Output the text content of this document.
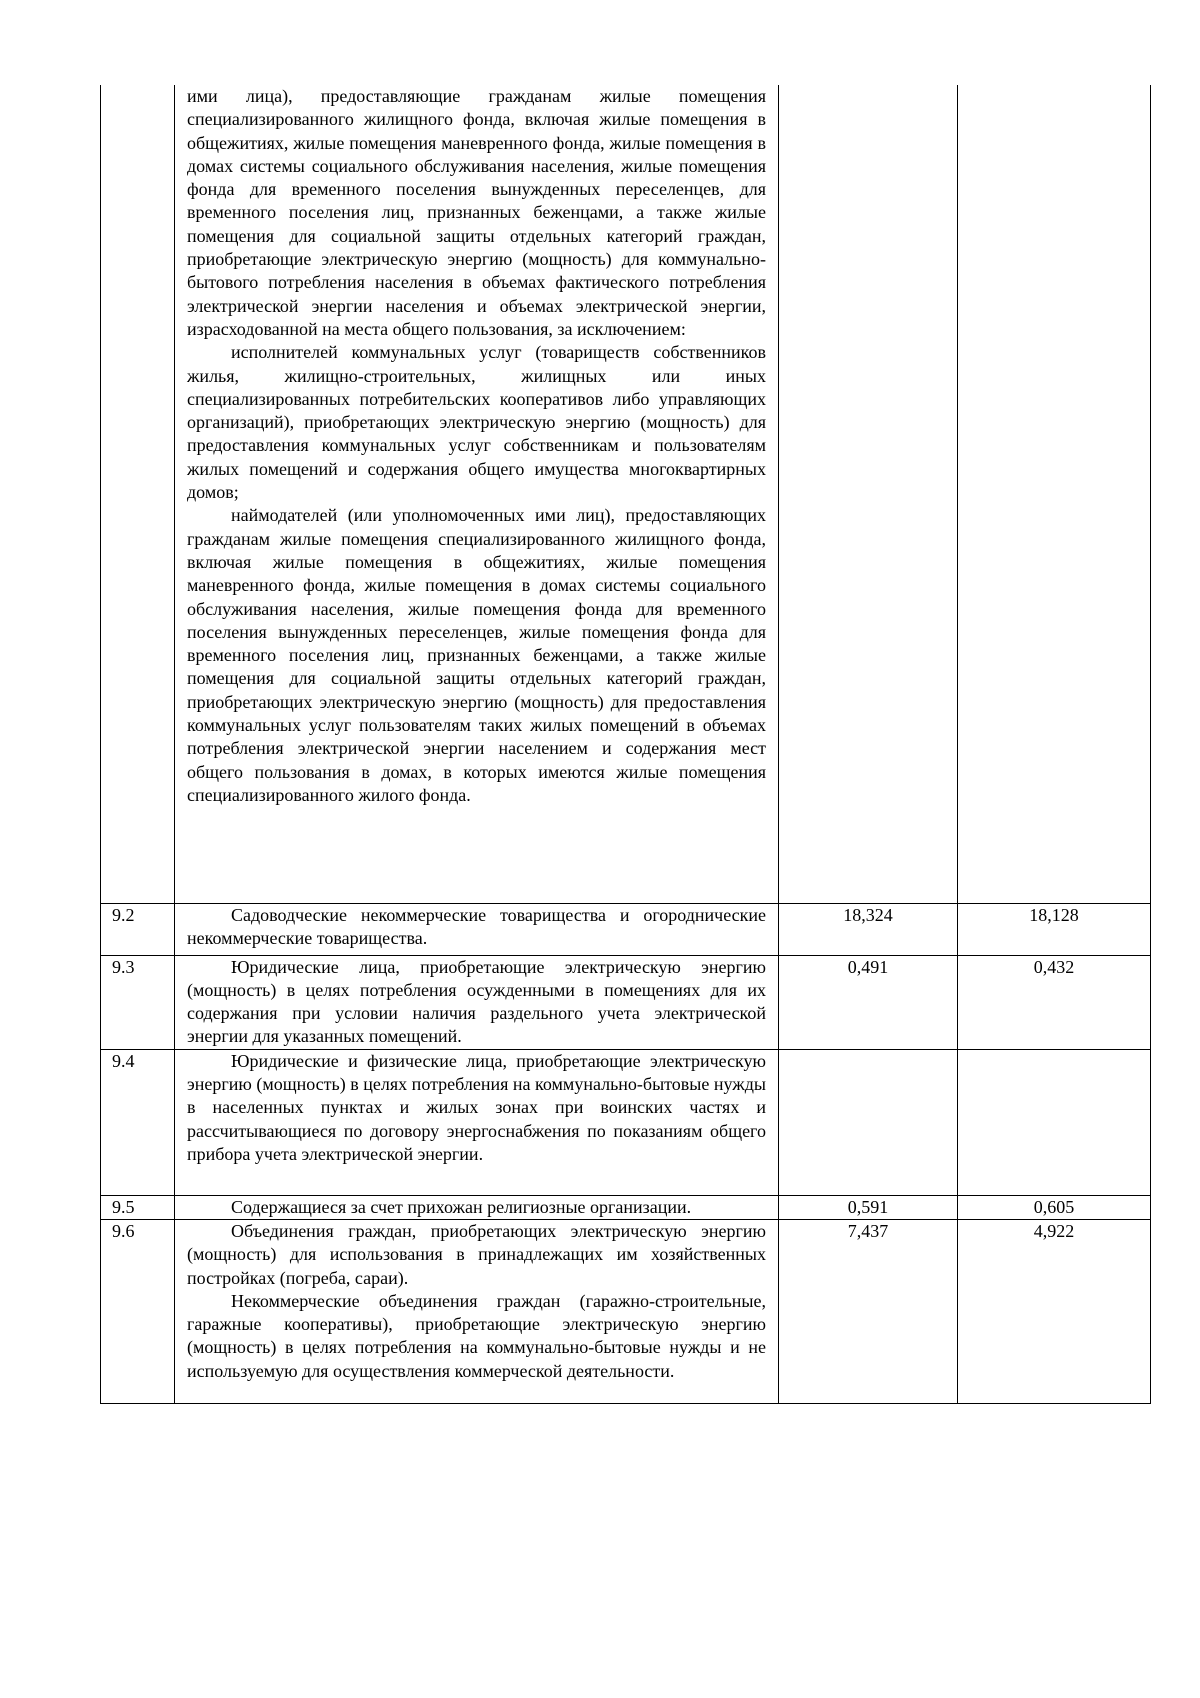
	ими лица), предоставляющие гражданам жилые помещения специализированного жилищного фонда, включая жилые помещения в общежитиях, жилые помещения маневренного фонда, жилые помещения в домах системы социального обслуживания населения, жилые помещения фонда для временного поселения вынужденных переселенцев, для временного поселения лиц, признанных беженцами, а также жилые помещения для социальной защиты отдельных категорий граждан, приобретающие электрическую энергию (мощность) для коммунально-бытового потребления населения в объемах фактического потребления электрической энергии населения и объемах электрической энергии, израсходованной на места общего пользования, за исключением:

исполнителей коммунальных услуг (товариществ собственников жилья, жилищно-строительных, жилищных или иных специализированных потребительских кооперативов либо управляющих организаций), приобретающих электрическую энергию (мощность) для предоставления коммунальных услуг собственникам и пользователям жилых помещений и содержания общего имущества многоквартирных домов;

наймодателей (или уполномоченных ими лиц), предоставляющих гражданам жилые помещения специализированного жилищного фонда, включая жилые помещения в общежитиях, жилые помещения маневренного фонда, жилые помещения в домах системы социального обслуживания населения, жилые помещения фонда для временного поселения вынужденных переселенцев, жилые помещения фонда для временного поселения лиц, признанных беженцами, а также жилые помещения для социальной защиты отдельных категорий граждан, приобретающих электрическую энергию (мощность) для предоставления коммунальных услуг пользователям таких жилых помещений в объемах потребления электрической энергии населением и содержания мест общего пользования в домах, в которых имеются жилые помещения специализированного жилого фонда.		

9.2	Садоводческие некоммерческие товарищества и огороднические некоммерческие товарищества.	18,324	18,128
9.3	Юридические лица, приобретающие электрическую энергию (мощность) в целях потребления осужденными в помещениях для их содержания при условии наличия раздельного учета электрической энергии для указанных помещений.	0,491	0,432
9.4	Юридические и физические лица, приобретающие электрическую энергию (мощность) в целях потребления на коммунально-бытовые нужды в населенных пунктах и жилых зонах при воинских частях и рассчитывающиеся по договору энергоснабжения по показаниям общего прибора учета электрической энергии.		

9.5	Содержащиеся за счет прихожан религиозные организации.	0,591	0,605
9.6	Объединения граждан, приобретающих электрическую энергию (мощность) для использования в принадлежащих им хозяйственных постройках (погреба, сараи).

Некоммерческие объединения граждан (гаражно-строительные, гаражные кооперативы), приобретающие электрическую энергию (мощность) в целях потребления на коммунально-бытовые нужды и не используемую для осуществления коммерческой деятельности.	7,437	4,922
